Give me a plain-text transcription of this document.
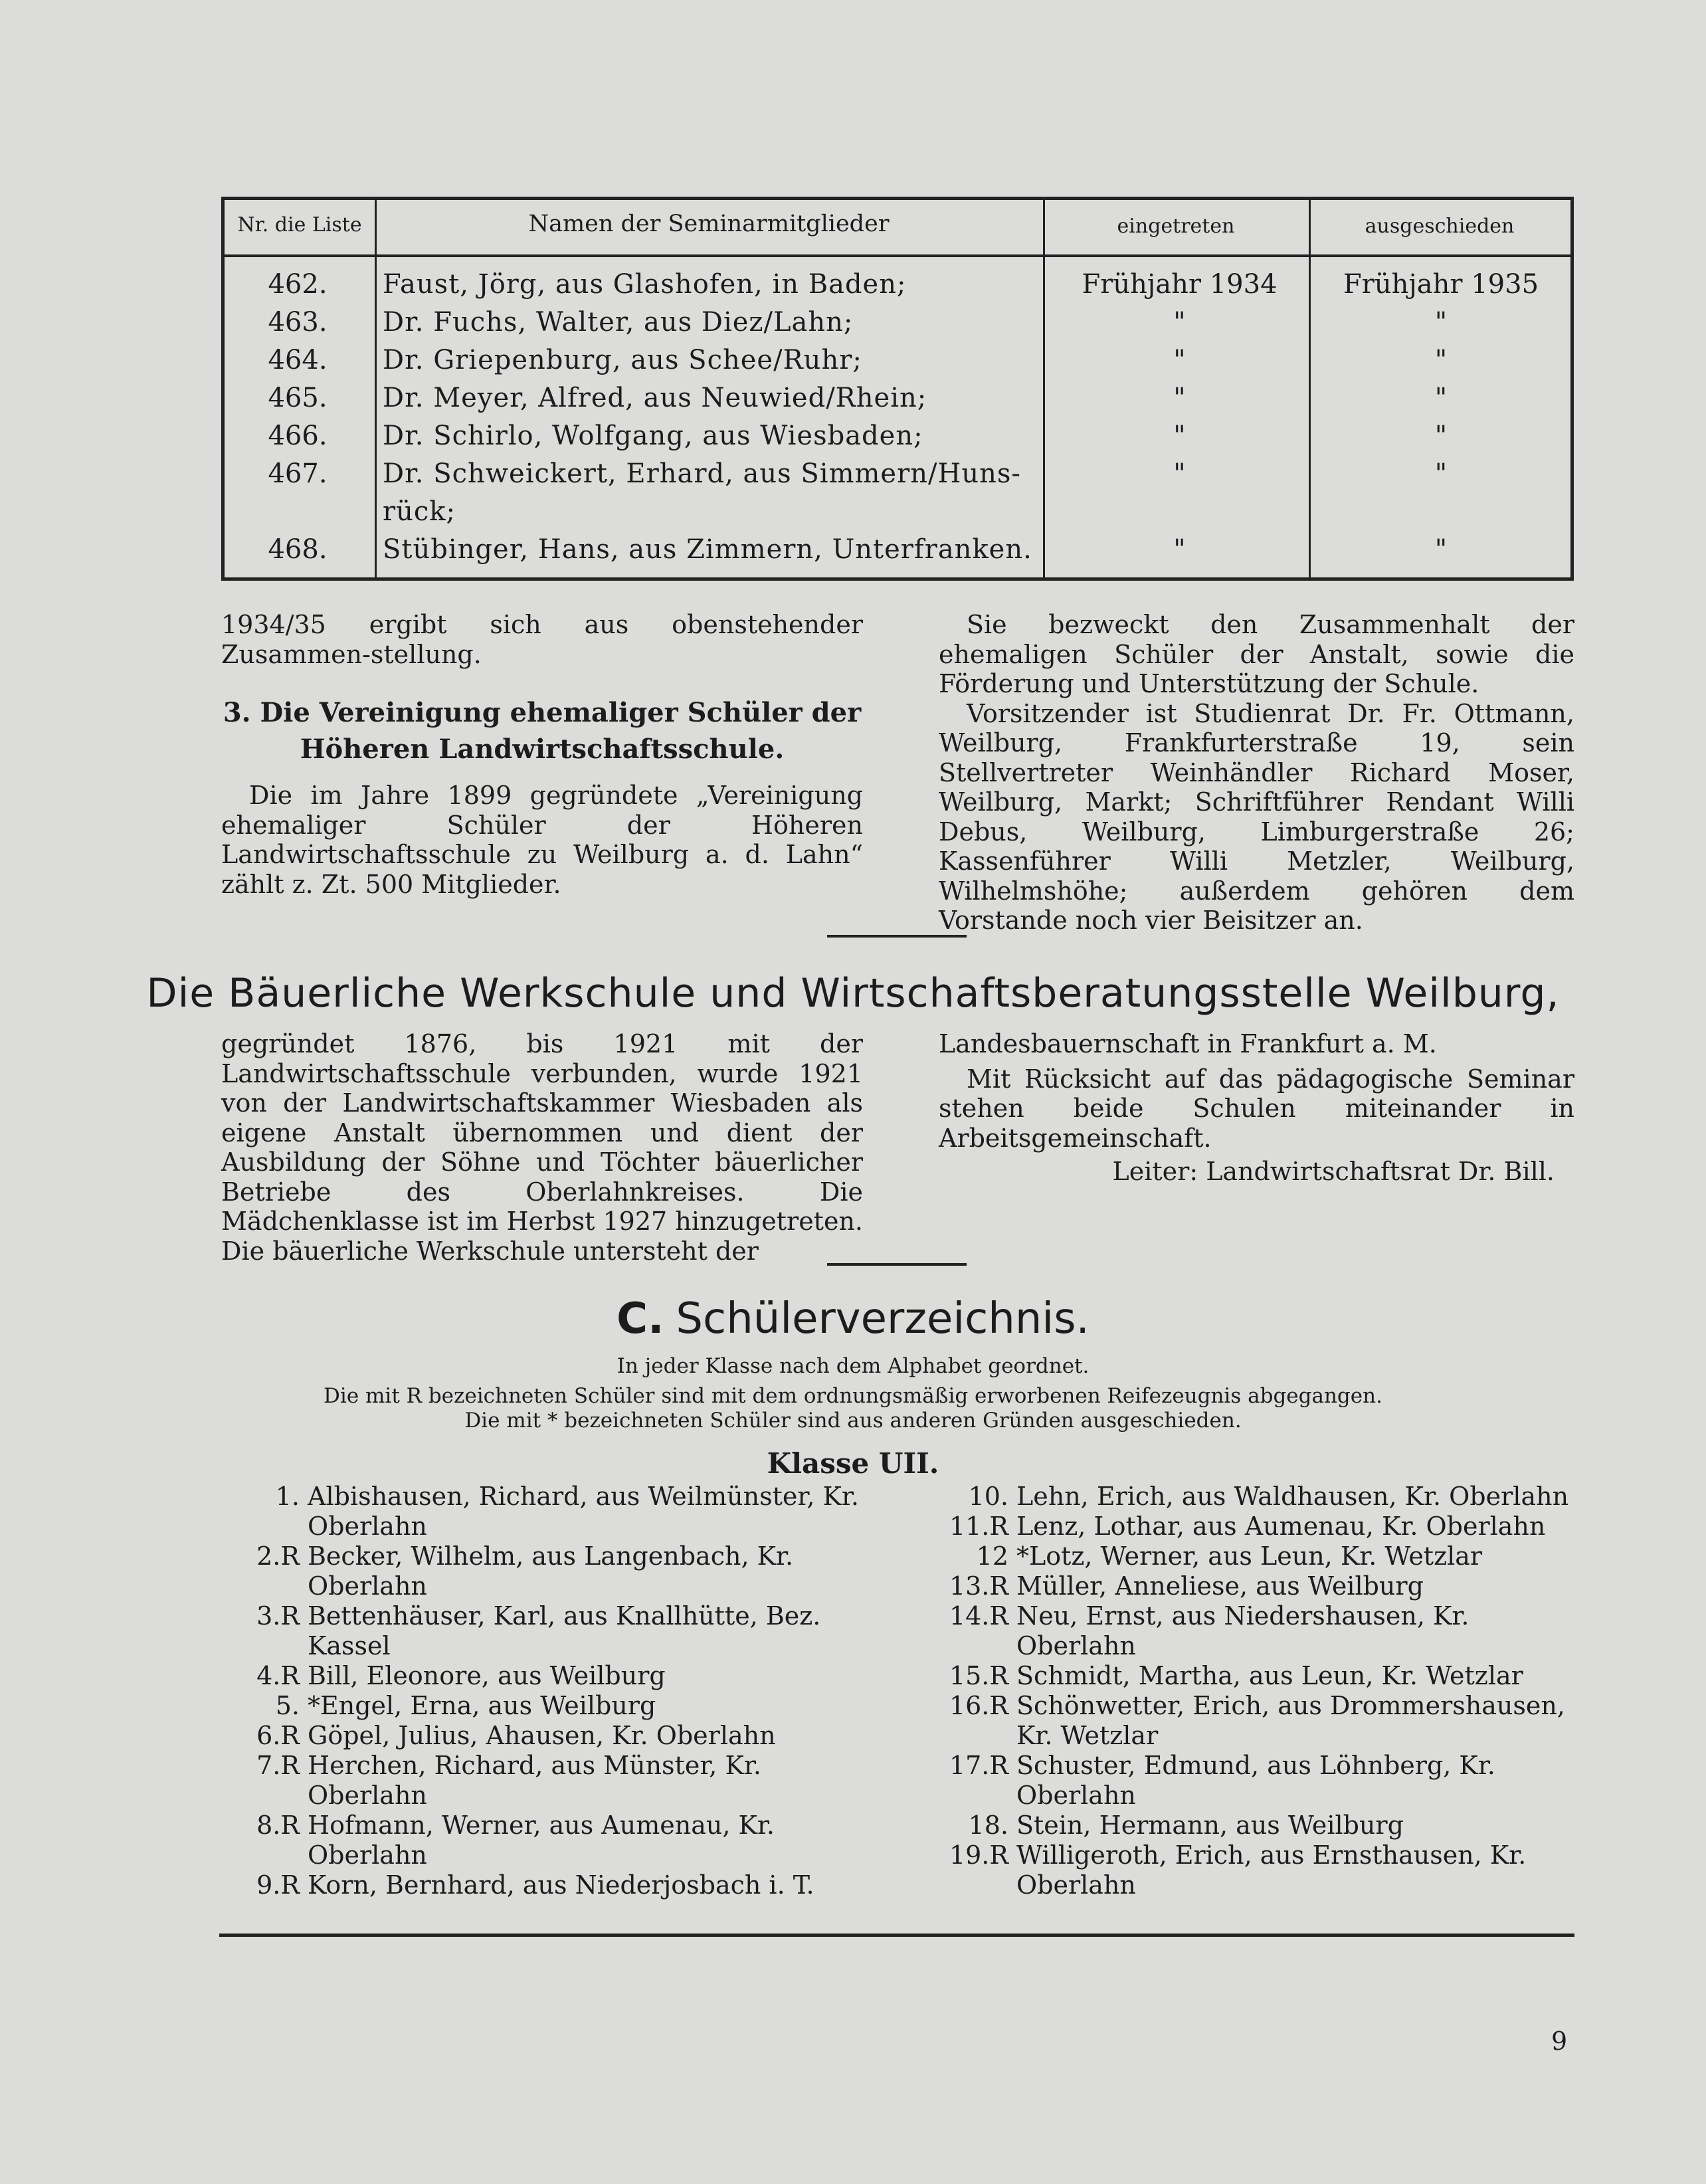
Nr. die Liste	Namen der Seminarmitglieder	eingetreten	ausgeschieden
462.	Faust, Jörg, aus Glashofen, in Baden;	Frühjahr 1934	Frühjahr 1935
463.	Dr. Fuchs, Walter, aus Diez/Lahn;	"	"
464.	Dr. Griepenburg, aus Schee/Ruhr;	"	"
465.	Dr. Meyer, Alfred, aus Neuwied/Rhein;	"	"
466.	Dr. Schirlo, Wolfgang, aus Wiesbaden;	"	"
467.	Dr. Schweickert, Erhard, aus Simmern/Huns-	"	"
rück;
468.	Stübinger, Hans, aus Zimmern, Unterfranken.	"	"

1934/35 ergibt sich aus obenstehender Zusammen-stellung.

3. Die Vereinigung ehemaliger Schüler der
Höheren Landwirtschaftsschule.

Die im Jahre 1899 gegründete „Vereinigung ehemaliger Schüler der Höheren Landwirtschaftsschule zu Weilburg a. d. Lahn“ zählt z. Zt. 500 Mitglieder.

Sie bezweckt den Zusammenhalt der ehemaligen Schüler der Anstalt, sowie die Förderung und Unterstützung der Schule.

Vorsitzender ist Studienrat Dr. Fr. Ottmann, Weilburg, Frankfurterstraße 19, sein Stellvertreter Weinhändler Richard Moser, Weilburg, Markt; Schriftführer Rendant Willi Debus, Weilburg, Limburgerstraße 26; Kassenführer Willi Metzler, Weilburg, Wilhelmshöhe; außerdem gehören dem Vorstande noch vier Beisitzer an.

Die Bäuerliche Werkschule und Wirtschaftsberatungsstelle Weilburg,

gegründet 1876, bis 1921 mit der Landwirtschaftsschule verbunden, wurde 1921 von der Landwirtschaftskammer Wiesbaden als eigene Anstalt übernommen und dient der Ausbildung der Söhne und Töchter bäuerlicher Betriebe des Oberlahnkreises. Die Mädchenklasse ist im Herbst 1927 hinzugetreten. Die bäuerliche Werkschule untersteht der

Landesbauernschaft in Frankfurt a. M.

Mit Rücksicht auf das pädagogische Seminar stehen beide Schulen miteinander in Arbeitsgemeinschaft.

Leiter: Landwirtschaftsrat Dr. Bill.

C. Schülerverzeichnis.
In jeder Klasse nach dem Alphabet geordnet.
Die mit R bezeichneten Schüler sind mit dem ordnungsmäßig erworbenen Reifezeugnis abgegangen.
Die mit * bezeichneten Schüler sind aus anderen Gründen ausgeschieden.
Klasse UII.
1. Albishausen, Richard, aus Weilmünster, Kr. Oberlahn
2.R Becker, Wilhelm, aus Langenbach, Kr. Oberlahn
3.R Bettenhäuser, Karl, aus Knallhütte, Bez. Kassel
4.R Bill, Eleonore, aus Weilburg
5. *Engel, Erna, aus Weilburg
6.R Göpel, Julius, Ahausen, Kr. Oberlahn
7.R Herchen, Richard, aus Münster, Kr. Oberlahn
8.R Hofmann, Werner, aus Aumenau, Kr. Oberlahn
9.R Korn, Bernhard, aus Niederjosbach i. T.
10. Lehn, Erich, aus Waldhausen, Kr. Oberlahn
11.R Lenz, Lothar, aus Aumenau, Kr. Oberlahn
12 *Lotz, Werner, aus Leun, Kr. Wetzlar
13.R Müller, Anneliese, aus Weilburg
14.R Neu, Ernst, aus Niedershausen, Kr. Oberlahn
15.R Schmidt, Martha, aus Leun, Kr. Wetzlar
16.R Schönwetter, Erich, aus Drommershausen, Kr. Wetzlar
17.R Schuster, Edmund, aus Löhnberg, Kr. Oberlahn
18. Stein, Hermann, aus Weilburg
19.R Willigeroth, Erich, aus Ernsthausen, Kr. Oberlahn
9
